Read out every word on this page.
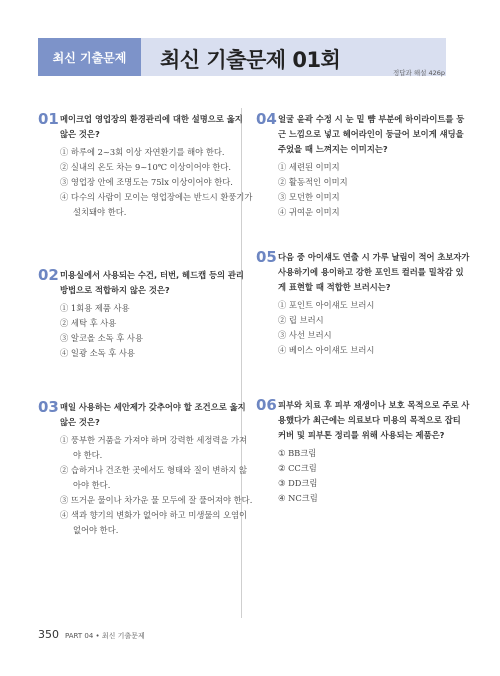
최신 기출문제	최신 기출문제 01회
정답과 해설 426p
01 메이크업 영업장의 환경관리에 대한 설명으로 옳지 않은 것은?
① 하루에 2~3회 이상 자연환기를 해야 한다.
② 실내의 온도 차는 9~10℃ 이상이어야 한다.
③ 영업장 안에 조명도는 75lx 이상이어야 한다.
④ 다수의 사람이 모이는 영업장에는 반드시 환풍기가 설치돼야 한다.
02 미용실에서 사용되는 수건, 터번, 헤드캡 등의 관리 방법으로 적합하지 않은 것은?
① 1회용 제품 사용
② 세탁 후 사용
③ 알코올 소독 후 사용
④ 일광 소독 후 사용
03 매일 사용하는 세안제가 갖추어야 할 조건으로 옳지 않은 것은?
① 풍부한 거품을 가져야 하며 강력한 세정력을 가져야 한다.
② 습하거나 건조한 곳에서도 형태와 질이 변하지 않아야 한다.
③ 뜨거운 물이나 차가운 물 모두에 잘 풀어져야 한다.
④ 색과 향기의 변화가 없어야 하고 미생물의 오염이 없어야 한다.
04 얼굴 윤곽 수정 시 눈 밑 뺨 부분에 하이라이트를 둥근 느낌으로 넣고 헤어라인이 둥글어 보이게 섀딩을 주었을 때 느껴지는 이미지는?
① 세련된 이미지
② 활동적인 이미지
③ 모던한 이미지
④ 귀여운 이미지
05 다음 중 아이섀도 연출 시 가루 날림이 적어 초보자가 사용하기에 용이하고 강한 포인트 컬러를 밀착감 있게 표현할 때 적합한 브러시는?
① 포인트 아이섀도 브러시
② 립 브러시
③ 사선 브러시
④ 베이스 아이섀도 브러시
06 피부와 치료 후 피부 재생이나 보호 목적으로 주로 사용했다가 최근에는 의료보다 미용의 목적으로 잡티 커버 및 피부톤 정리를 위해 사용되는 제품은?
① BB크림
② CC크림
③ DD크림
④ NC크림
350 PART 04 • 최신 기출문제
